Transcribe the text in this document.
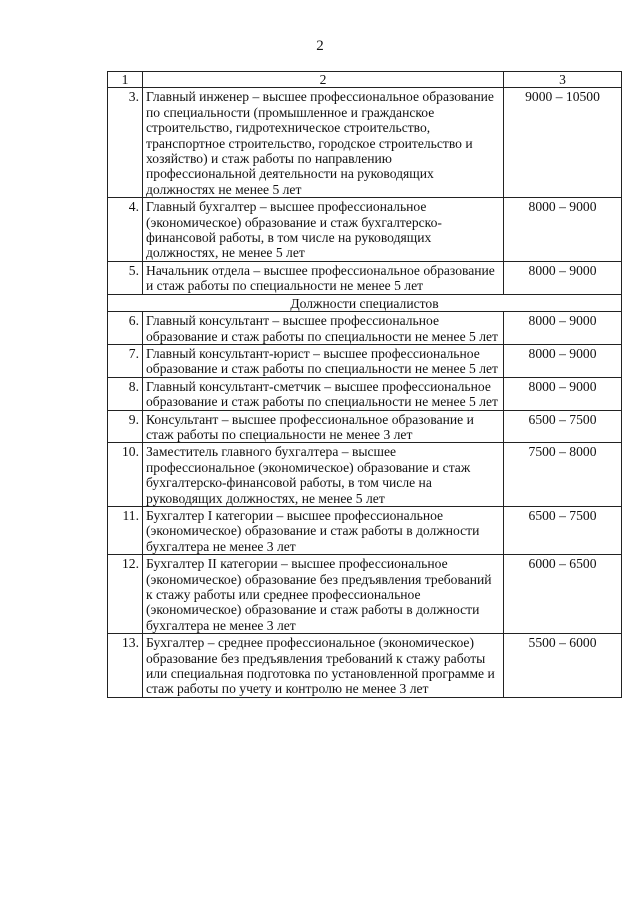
2
1	2	3
3.	Главный инженер – высшее профессиональное образование по специальности (промышленное и гражданское строительство, гидротехническое строительство, транспортное строительство, городское строительство и хозяйство) и стаж работы по направлению профессиональной деятельности на руководящих должностях не менее 5 лет	9000 – 10500
4.	Главный бухгалтер – высшее профессиональное (экономическое) образование и стаж бухгалтерско-финансовой работы, в том числе на руководящих должностях, не менее 5 лет	8000 – 9000
5.	Начальник отдела – высшее профессиональное образование и стаж работы по специальности не менее 5 лет	8000 – 9000
Должности специалистов		
6.	Главный консультант – высшее профессиональное образование и стаж работы по специальности не менее 5 лет	8000 – 9000
7.	Главный консультант-юрист – высшее профессиональное образование и стаж работы по специальности не менее 5 лет	8000 – 9000
8.	Главный консультант-сметчик – высшее профессиональное образование и стаж работы по специальности не менее 5 лет	8000 – 9000
9.	Консультант – высшее профессиональное образование и стаж работы по специальности не менее 3 лет	6500 – 7500
10.	Заместитель главного бухгалтера – высшее профессиональное (экономическое) образование и стаж бухгалтерско-финансовой работы, в том числе на руководящих должностях, не менее 5 лет	7500 – 8000
11.	Бухгалтер I категории – высшее профессиональное (экономическое) образование и стаж работы в должности бухгалтера не менее 3 лет	6500 – 7500
12.	Бухгалтер II категории – высшее профессиональное (экономическое) образование без предъявления требований к стажу работы или среднее профессиональное (экономическое) образование и стаж работы в должности бухгалтера не менее 3 лет	6000 – 6500
13.	Бухгалтер – среднее профессиональное (экономическое) образование без предъявления требований к стажу работы или специальная подготовка по установленной программе и стаж работы по учету и контролю не менее 3 лет	5500 – 6000
